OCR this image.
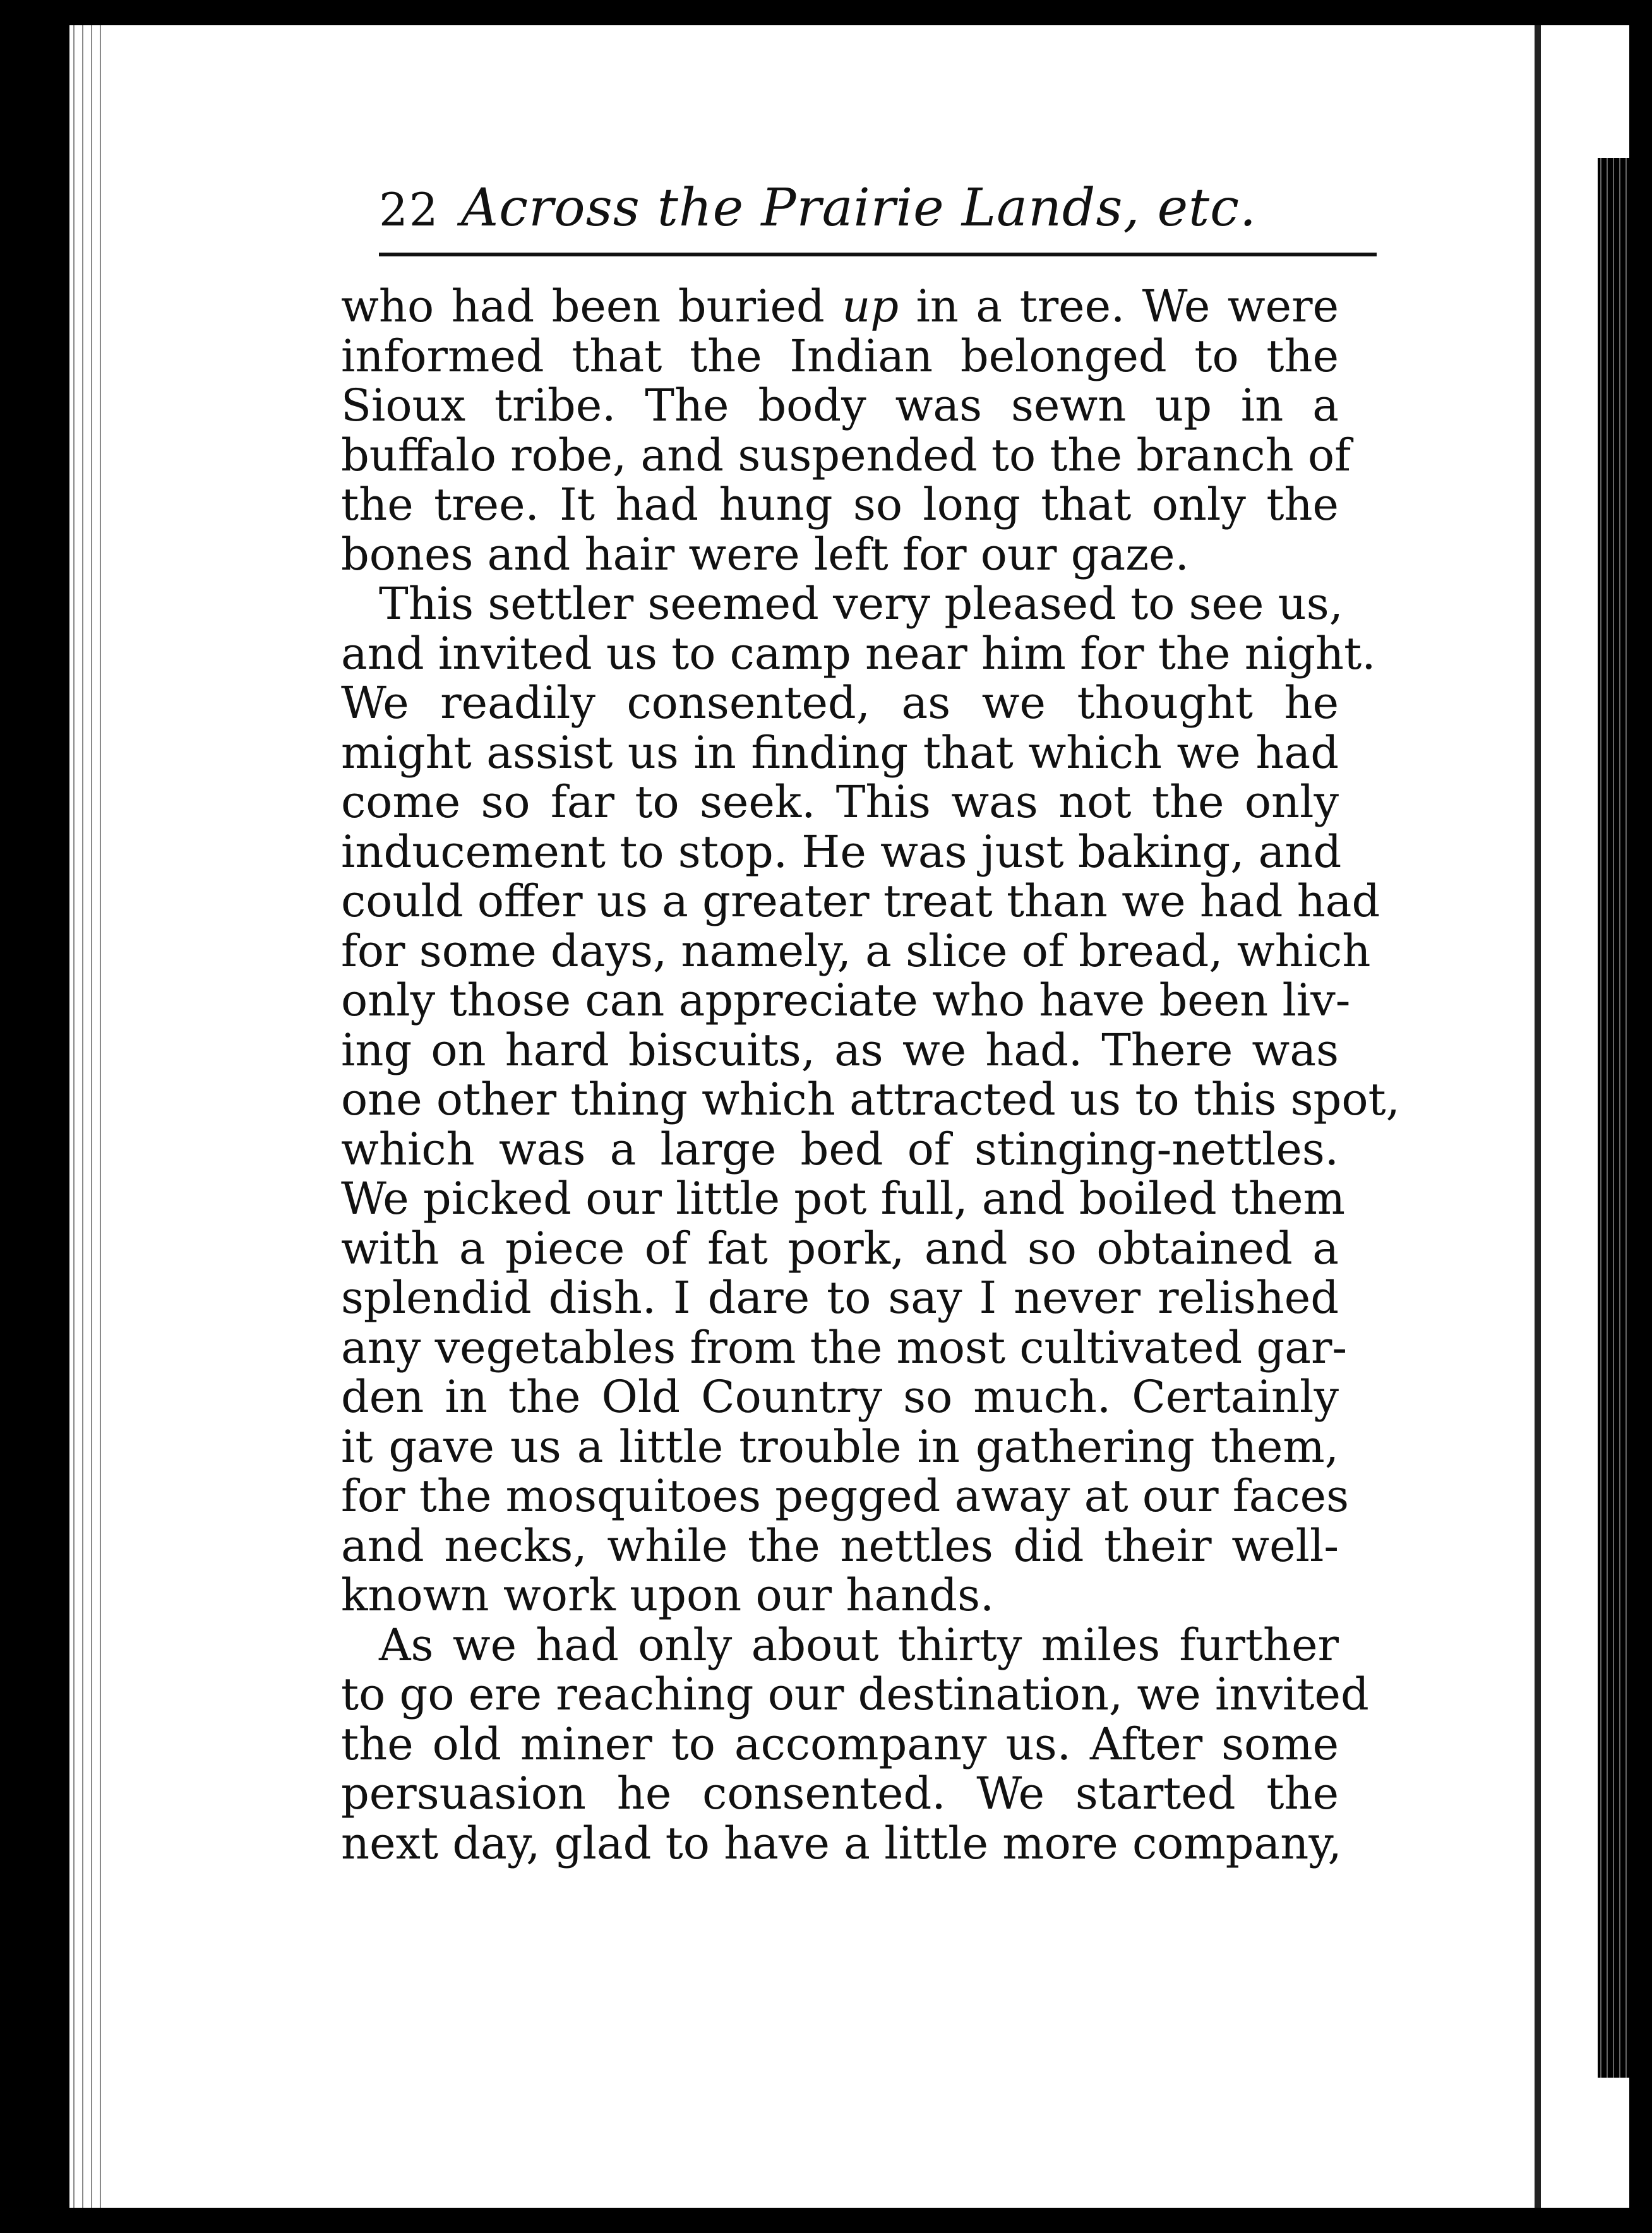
22 Across the Prairie Lands, etc.
who had been buried up in a tree. We were
informed that the Indian belonged to the
Sioux tribe. The body was sewn up in a
buffalo robe, and suspended to the branch of
the tree. It had hung so long that only the
bones and hair were left for our gaze.
This settler seemed very pleased to see us,
and invited us to camp near him for the night.
We readily consented, as we thought he
might assist us in finding that which we had
come so far to seek. This was not the only
inducement to stop. He was just baking, and
could offer us a greater treat than we had had
for some days, namely, a slice of bread, which
only those can appreciate who have been liv-
ing on hard biscuits, as we had. There was
one other thing which attracted us to this spot,
which was a large bed of stinging-nettles.
We picked our little pot full, and boiled them
with a piece of fat pork, and so obtained a
splendid dish. I dare to say I never relished
any vegetables from the most cultivated gar-
den in the Old Country so much. Certainly
it gave us a little trouble in gathering them,
for the mosquitoes pegged away at our faces
and necks, while the nettles did their well-
known work upon our hands.
As we had only about thirty miles further
to go ere reaching our destination, we invited
the old miner to accompany us. After some
persuasion he consented. We started the
next day, glad to have a little more company,
